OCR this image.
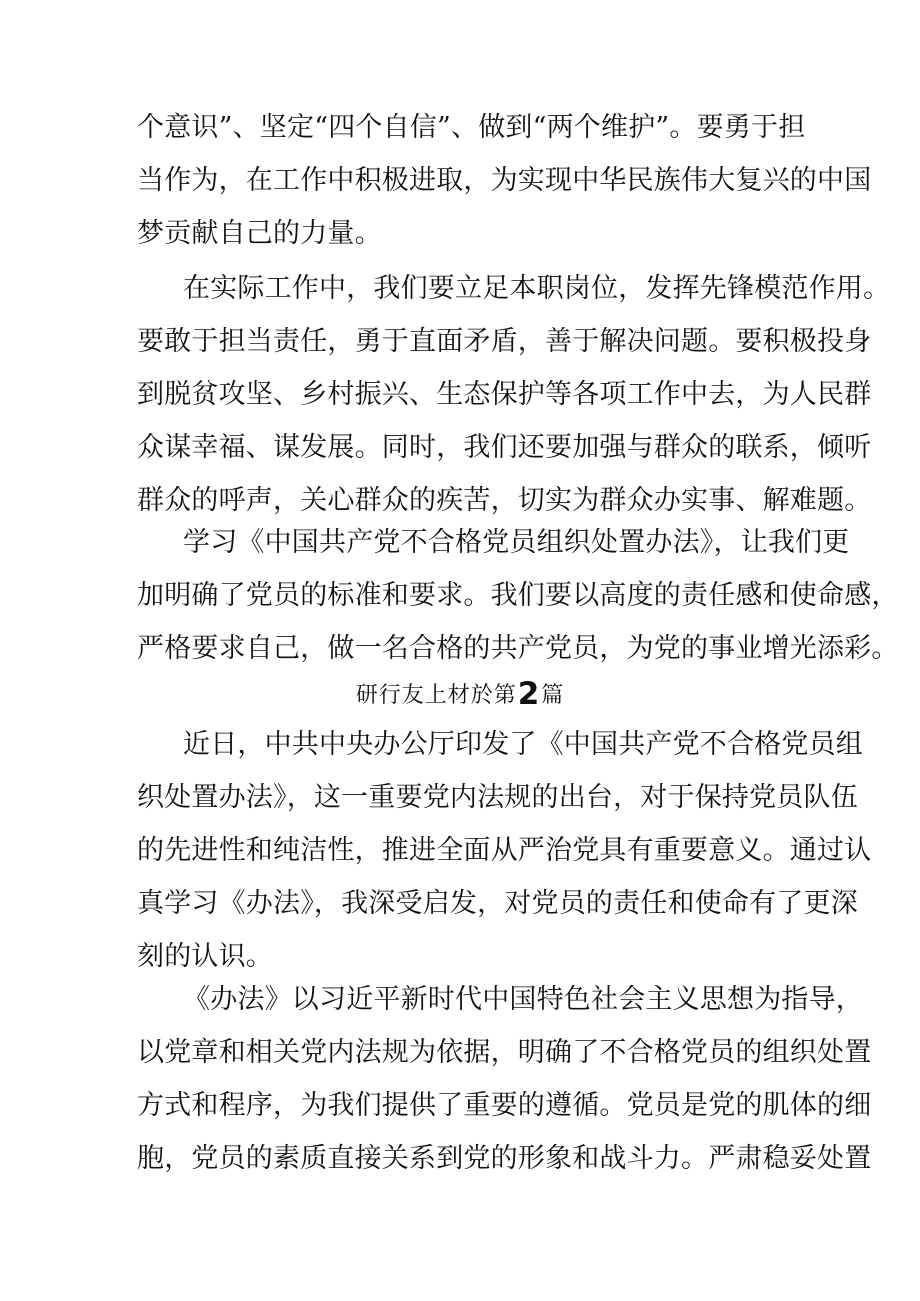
个意识”、坚定“四个自信”、做到“两个维护”。要勇于担
当作为，在工作中积极进取，为实现中华民族伟大复兴的中国
梦贡献自己的力量。
在实际工作中，我们要立足本职岗位，发挥先锋模范作用。
要敢于担当责任，勇于直面矛盾，善于解决问题。要积极投身
到脱贫攻坚、乡村振兴、生态保护等各项工作中去，为人民群
众谋幸福、谋发展。同时，我们还要加强与群众的联系，倾听
群众的呼声，关心群众的疾苦，切实为群众办实事、解难题。
学习《中国共产党不合格党员组织处置办法》，让我们更
加明确了党员的标准和要求。我们要以高度的责任感和使命感，
严格要求自己，做一名合格的共产党员，为党的事业增光添彩。
研行友上材於第2篇
近日，中共中央办公厅印发了《中国共产党不合格党员组
织处置办法》，这一重要党内法规的出台，对于保持党员队伍
的先进性和纯洁性，推进全面从严治党具有重要意义。通过认
真学习《办法》，我深受启发，对党员的责任和使命有了更深
刻的认识。
《办法》以习近平新时代中国特色社会主义思想为指导，
以党章和相关党内法规为依据，明确了不合格党员的组织处置
方式和程序，为我们提供了重要的遵循。党员是党的肌体的细
胞，党员的素质直接关系到党的形象和战斗力。严肃稳妥处置
